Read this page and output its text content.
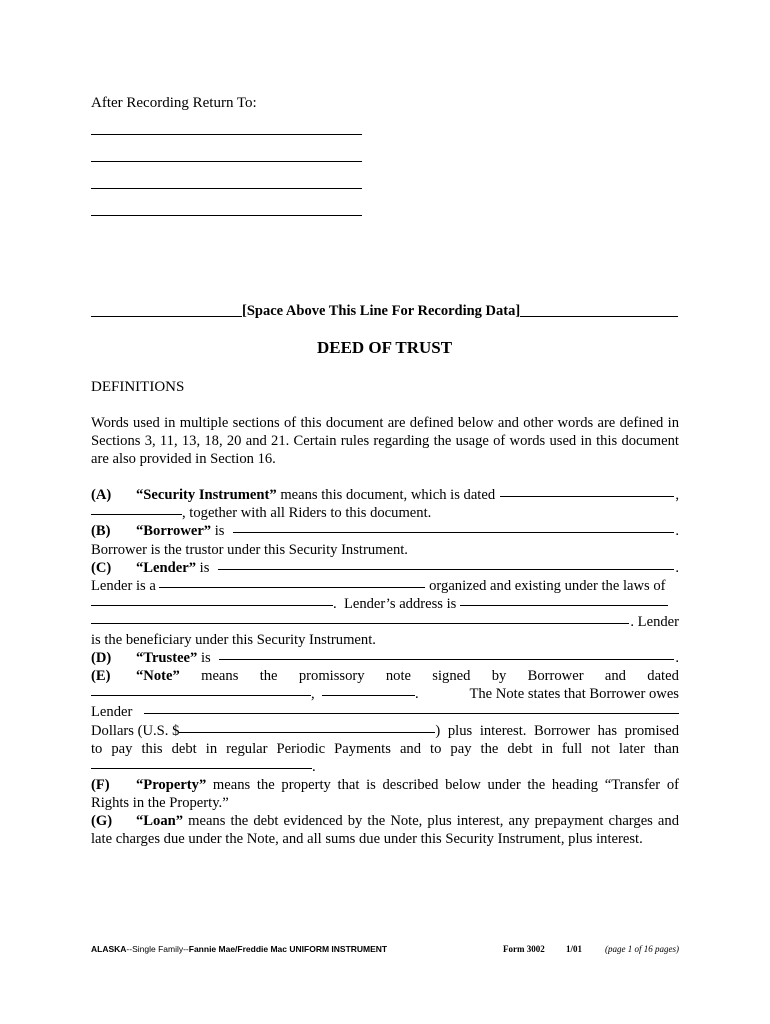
After Recording Return To:
[Space Above This Line For Recording Data]
DEED OF TRUST
DEFINITIONS

Words used in multiple sections of this document are defined below and other words are defined in Sections 3, 11, 13, 18, 20 and 21. Certain rules regarding the usage of words used in this document are also provided in Section 16.

(A)	“Security Instrument” means this document, which is dated	,
, together with all Riders to this document.
(B)	“Borrower” is	.

Borrower is the trustor under this Security Instrument.

(C)	“Lender” is	.
Lender is a	organized and existing under the laws of
.  Lender’s address is
. Lender

is the beneficiary under this Security Instrument.

(D)	“Trustee” is	.
(E) “Note” means the promissory note signed by Borrower and dated
,	.	The Note states that Borrower owes
Lender
Dollars (U.S. $	) plus interest. Borrower has promised

to pay this debt in regular Periodic Payments and to pay the debt in full not later than

.
(F)	“Property” means the property that is described below under the heading “Transfer of

Rights in the Property.”

(G) “Loan” means the debt evidenced by the Note, plus interest, any prepayment charges and late charges due under the Note, and all sums due under this Security Instrument, plus interest.

ALASKA--Single Family--Fannie Mae/Freddie Mac UNIFORM INSTRUMENT	Form 3002 1/01	(page 1 of 16 pages)
